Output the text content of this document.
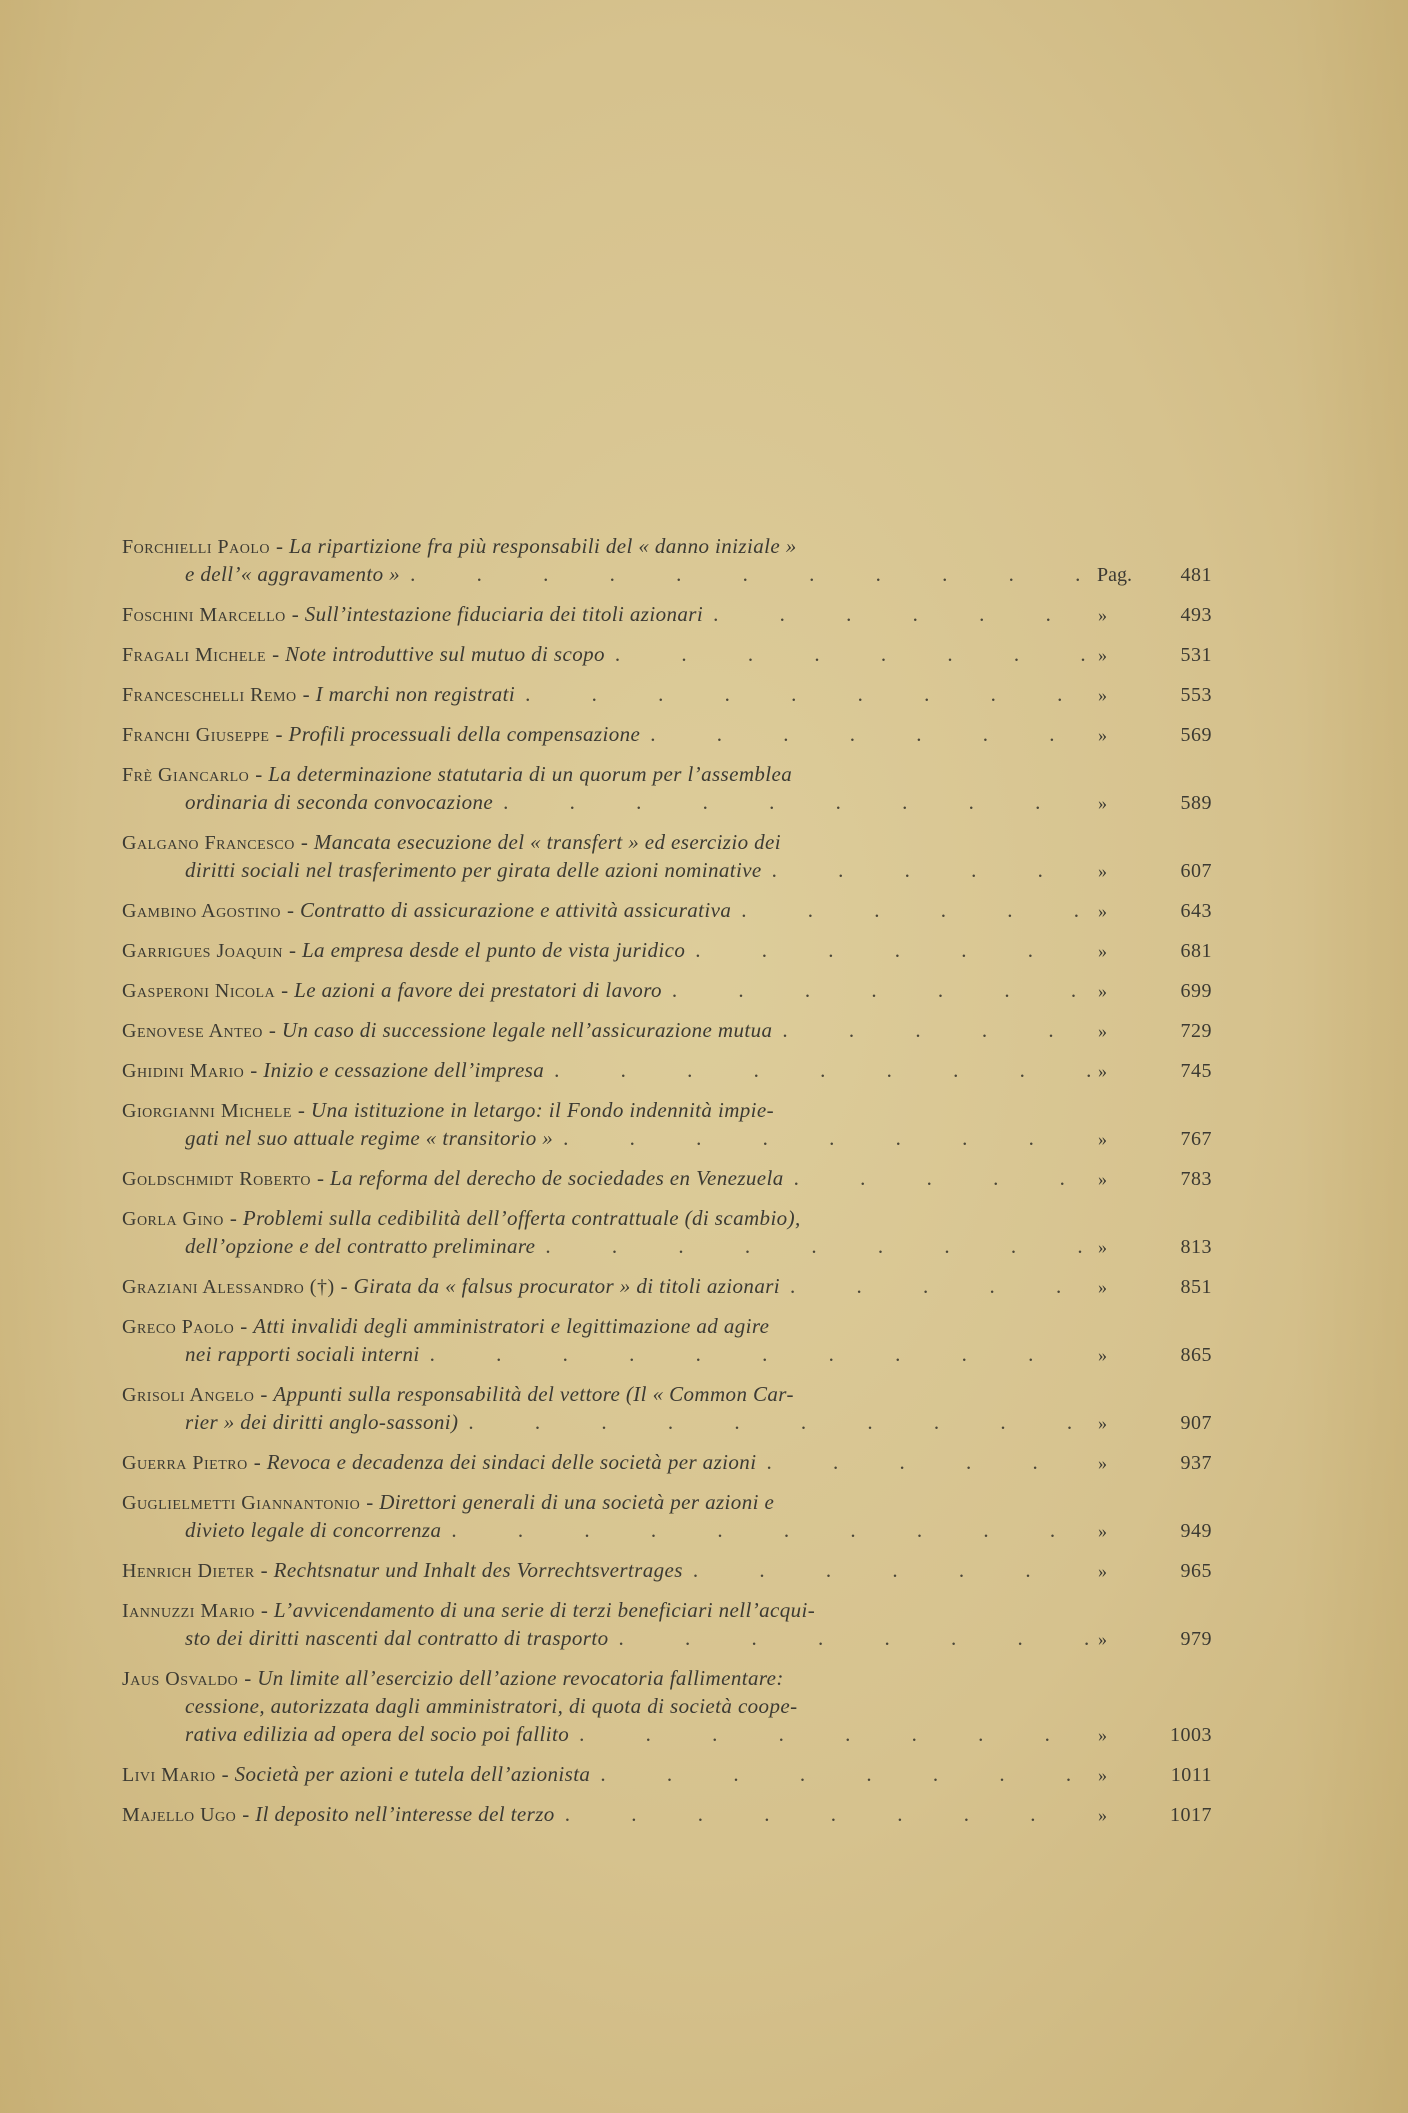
Forchielli Paolo - La ripartizione fra più responsabili del « danno iniziale »
e dell’« aggravamento » . . .	Pag.	481
Foschini Marcello - Sull’intestazione fiduciaria dei titoli azionari . . .	»	493
Fragali Michele - Note introduttive sul mutuo di scopo . . .	»	531
Franceschelli Remo - I marchi non registrati . . .	»	553
Franchi Giuseppe - Profili processuali della compensazione . . .	»	569
Frè Giancarlo - La determinazione statutaria di un quorum per l’assemblea
ordinaria di seconda convocazione . . .	»	589
Galgano Francesco - Mancata esecuzione del « transfert » ed esercizio dei
diritti sociali nel trasferimento per girata delle azioni nominative . . .	»	607
Gambino Agostino - Contratto di assicurazione e attività assicurativa . . .	»	643
Garrigues Joaquin - La empresa desde el punto de vista juridico . . .	»	681
Gasperoni Nicola - Le azioni a favore dei prestatori di lavoro . . .	»	699
Genovese Anteo - Un caso di successione legale nell’assicurazione mutua . . .	»	729
Ghidini Mario - Inizio e cessazione dell’impresa . . .	»	745
Giorgianni Michele - Una istituzione in letargo: il Fondo indennità impie-
gati nel suo attuale regime « transitorio » . . .	»	767
Goldschmidt Roberto - La reforma del derecho de sociedades en Venezuela . . .	»	783
Gorla Gino - Problemi sulla cedibilità dell’offerta contrattuale (di scambio),
dell’opzione e del contratto preliminare . . .	»	813
Graziani Alessandro (†) - Girata da « falsus procurator » di titoli azionari . . .	»	851
Greco Paolo - Atti invalidi degli amministratori e legittimazione ad agire
nei rapporti sociali interni . . .	»	865
Grisoli Angelo - Appunti sulla responsabilità del vettore (Il « Common Car-
rier » dei diritti anglo-sassoni) . . .	»	907
Guerra Pietro - Revoca e decadenza dei sindaci delle società per azioni . . .	»	937
Guglielmetti Giannantonio - Direttori generali di una società per azioni e
divieto legale di concorrenza . . .	»	949
Henrich Dieter - Rechtsnatur und Inhalt des Vorrechtsvertrages . . .	»	965
Iannuzzi Mario - L’avvicendamento di una serie di terzi beneficiari nell’acqui-
sto dei diritti nascenti dal contratto di trasporto . . .	»	979
Jaus Osvaldo - Un limite all’esercizio dell’azione revocatoria fallimentare:
cessione, autorizzata dagli amministratori, di quota di società coope-
rativa edilizia ad opera del socio poi fallito . . .	»	1003
Livi Mario - Società per azioni e tutela dell’azionista . . .	»	1011
Majello Ugo - Il deposito nell’interesse del terzo . . .	»	1017
